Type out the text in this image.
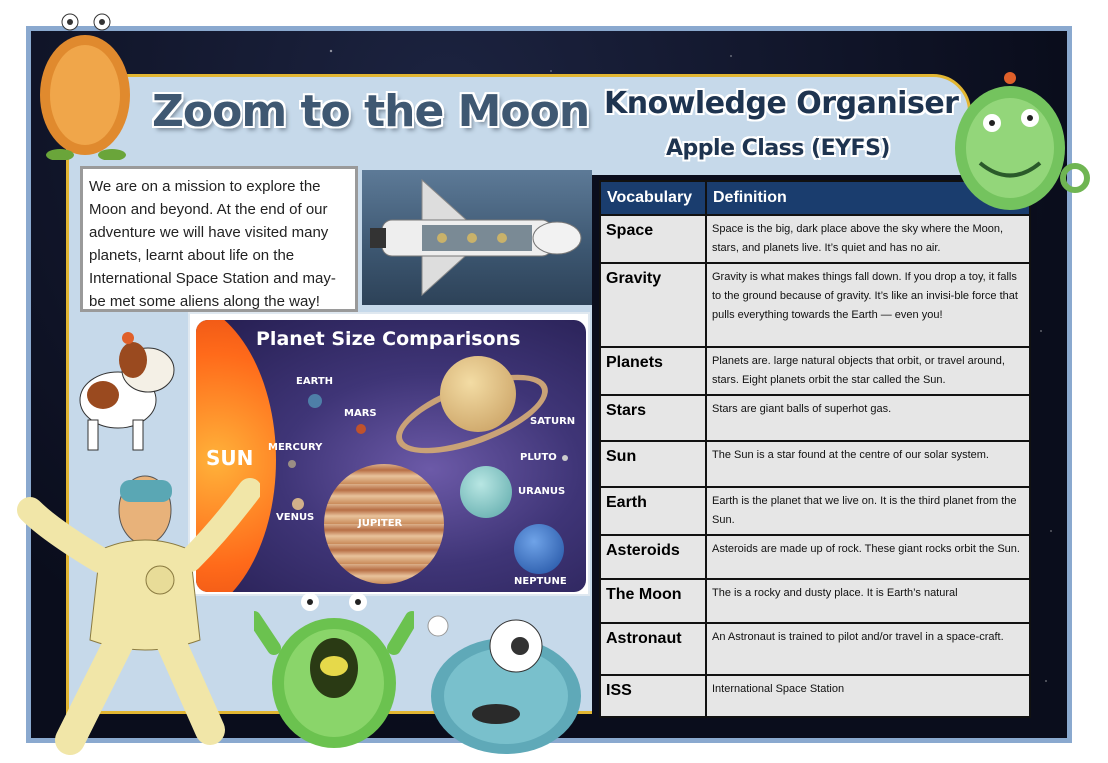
Zoom to the Moon Knowledge Organiser
Apple Class (EYFS)
We are on a mission to explore the Moon and beyond. At the end of our adventure we will have visited many planets, learnt about life on the International Space Station and may-be met some aliens along the way!
Planet Size Comparisons
SUN
EARTH
MARS
MERCURY
VENUS
JUPITER
SATURN
PLUTO
URANUS
NEPTUNE
Vocabulary	Definition
Space	Space is the big, dark place above the sky where the Moon, stars, and planets live. It’s quiet and has no air.
Gravity	Gravity is what makes things fall down. If you drop a toy, it falls to the ground because of gravity. It’s like an invisi-ble force that pulls everything towards the Earth — even you!
Planets	Planets are. large natural objects that orbit, or travel around, stars. Eight planets orbit the star called the Sun.
Stars	Stars are giant balls of superhot gas.
Sun	The Sun is a star found at the centre of our solar system.
Earth	Earth is the planet that we live on. It is the third planet from the Sun.
Asteroids	Asteroids are made up of rock. These giant rocks orbit the Sun.
The Moon	The is a rocky and dusty place. It is Earth’s natural
Astronaut	An Astronaut is trained to pilot and/or travel in a space-craft.
ISS	International Space Station
